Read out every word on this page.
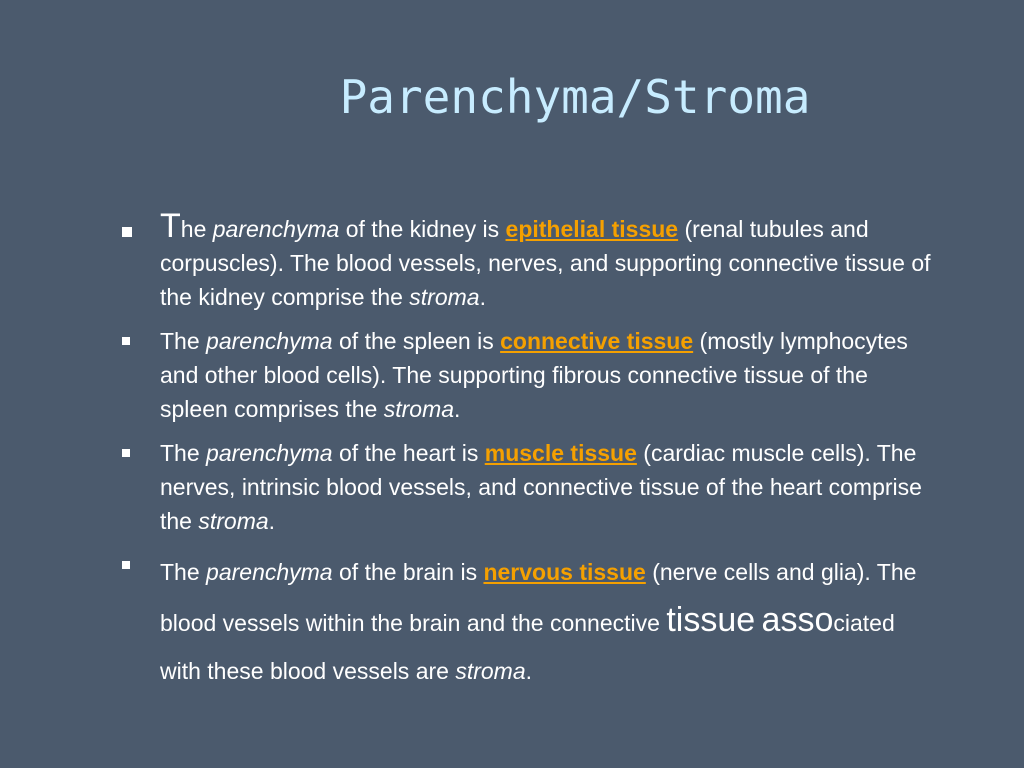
Parenchyma/Stroma
The parenchyma of the kidney is epithelial tissue (renal tubules and corpuscles). The blood vessels, nerves, and supporting connective tissue of the kidney comprise the stroma.
The parenchyma of the spleen is connective tissue (mostly lymphocytes and other blood cells). The supporting fibrous connective tissue of the spleen comprises the stroma.
The parenchyma of the heart is muscle tissue (cardiac muscle cells). The nerves, intrinsic blood vessels, and connective tissue of the heart comprise the stroma.
The parenchyma of the brain is nervous tissue (nerve cells and glia). The blood vessels within the brain and the connective tissue associated with these blood vessels are stroma.
